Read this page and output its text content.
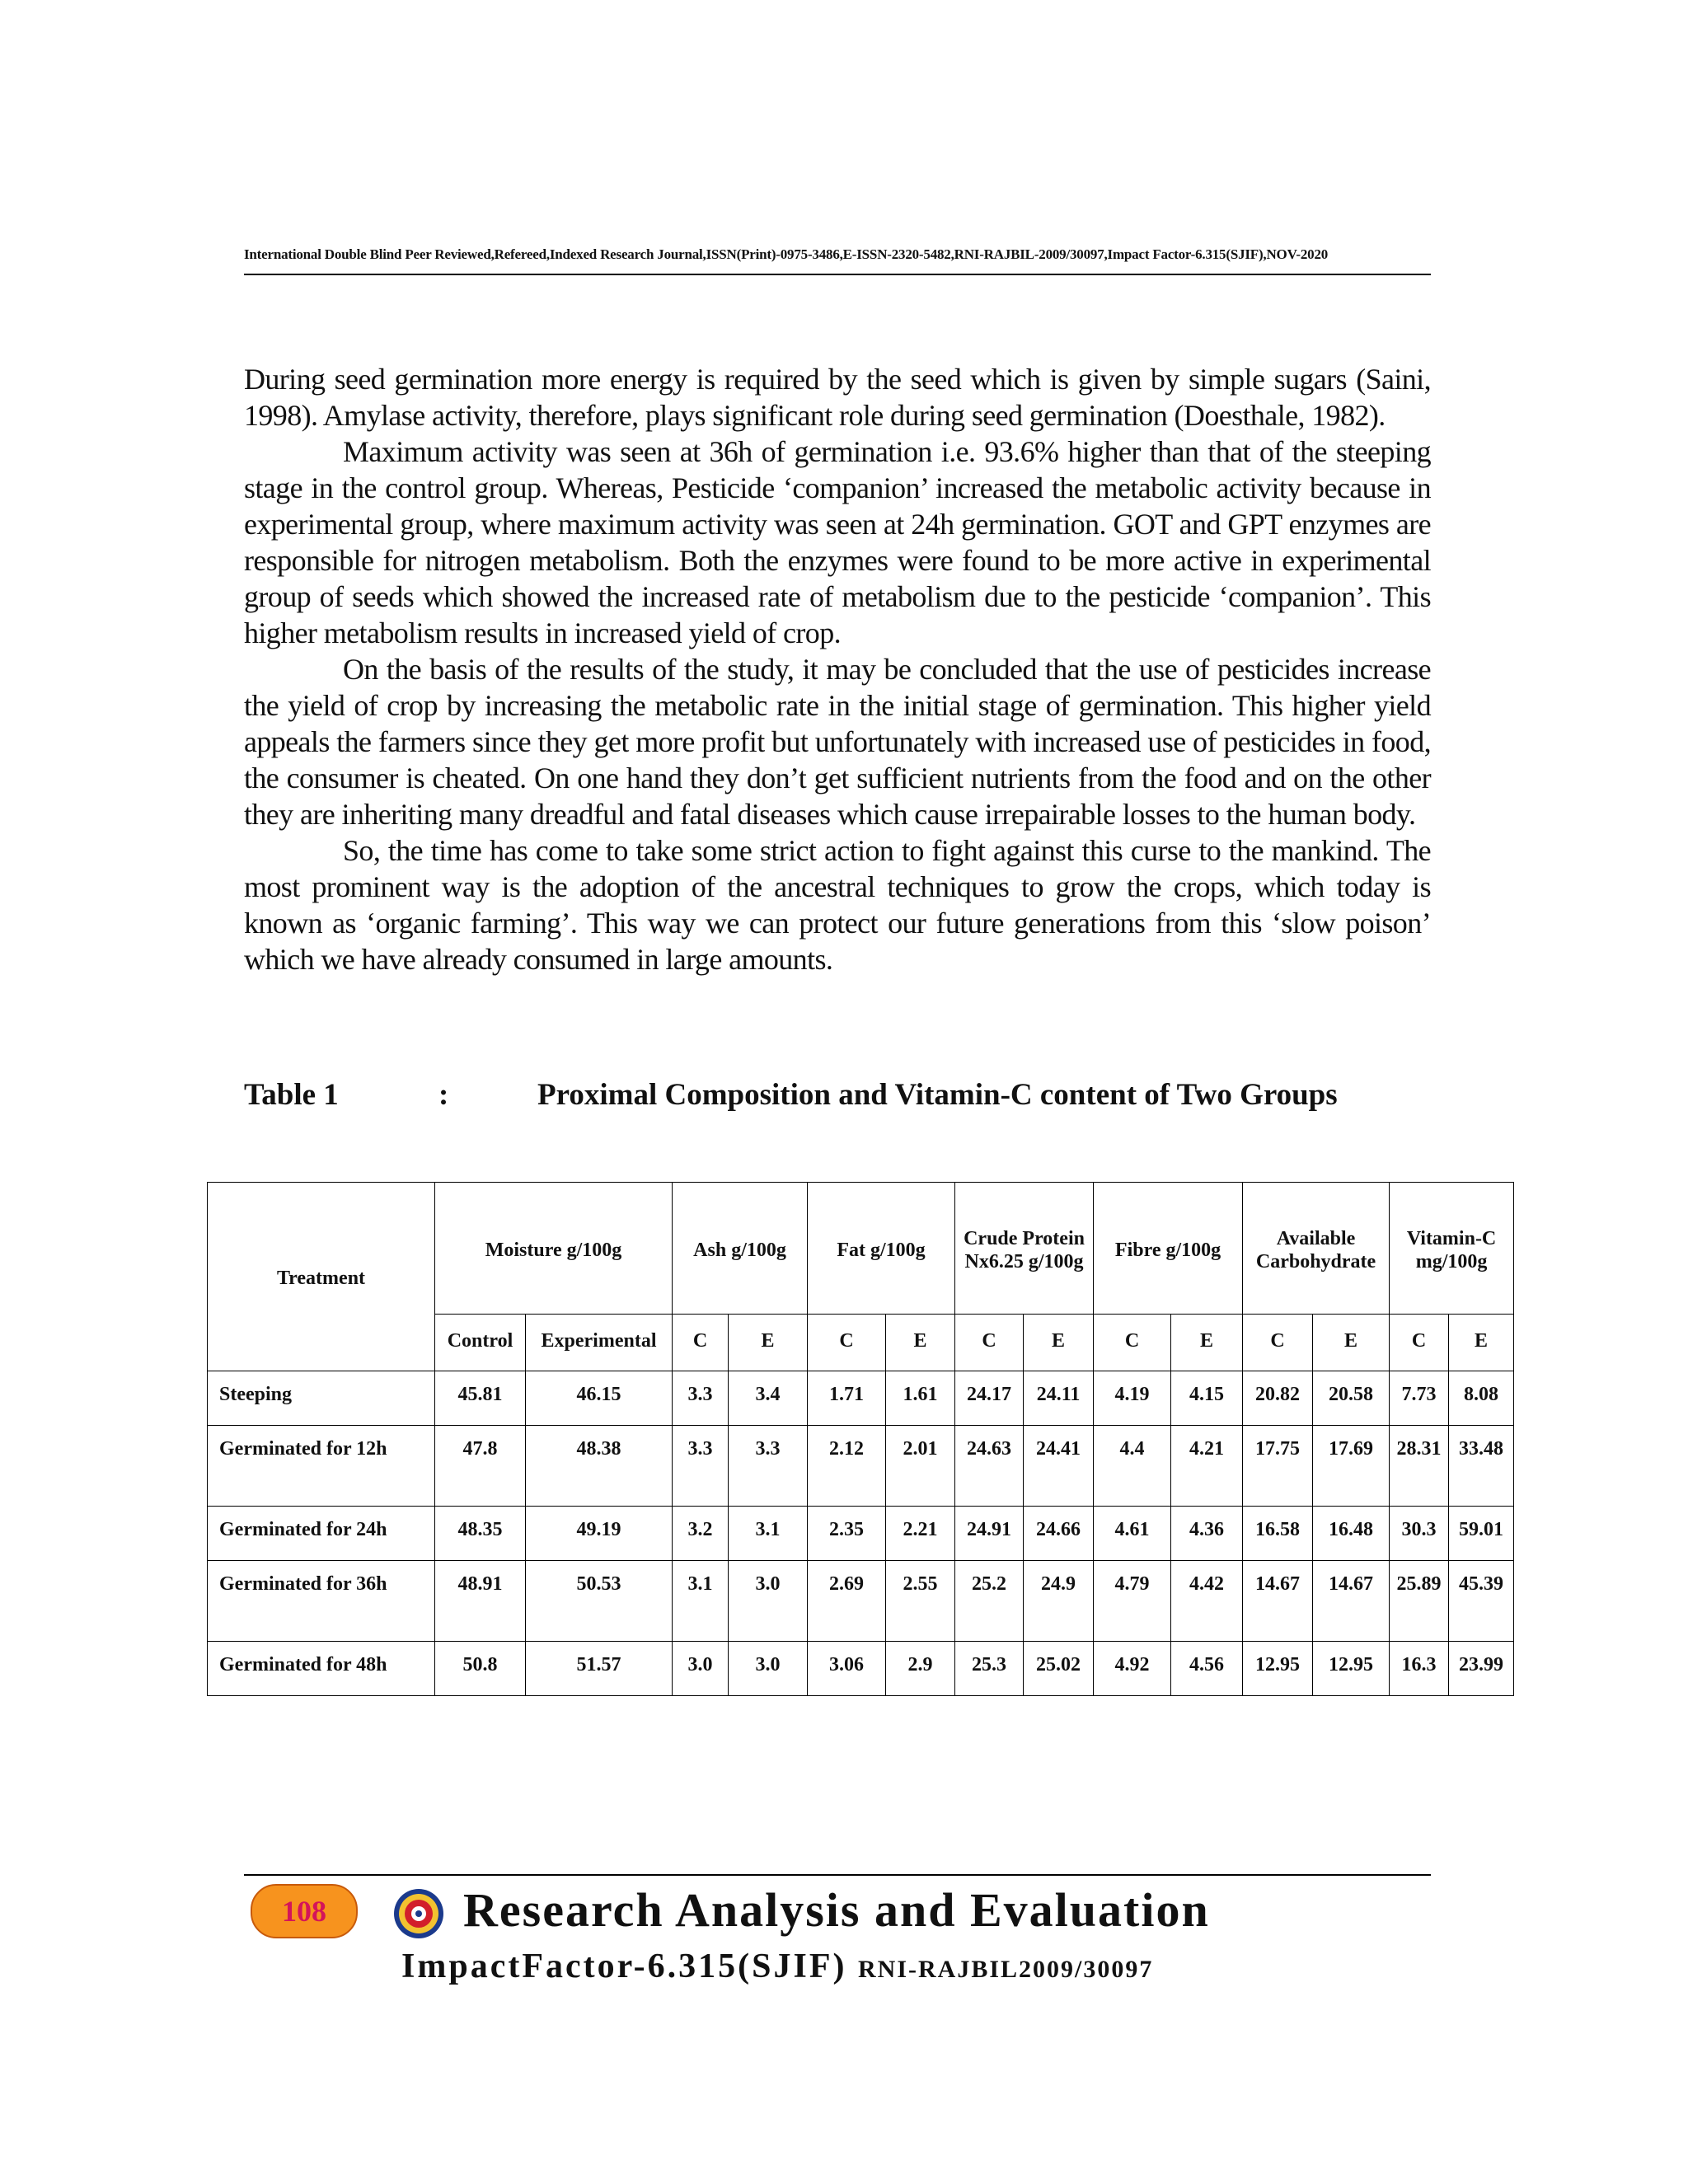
International Double Blind Peer Reviewed,Refereed,Indexed Research Journal,ISSN(Print)-0975-3486,E-ISSN-2320-5482,RNI-RAJBIL-2009/30097,Impact Factor-6.315(SJIF),NOV-2020

During seed germination more energy is required by the seed which is given by simple sugars (Saini, 1998). Amylase activity, therefore, plays significant role during seed germination (Doesthale, 1982).

Maximum activity was seen at 36h of germination i.e. 93.6% higher than that of the steeping stage in the control group. Whereas, Pesticide ‘companion’ increased the metabolic activity because in experimental group, where maximum activity was seen at 24h germination. GOT and GPT enzymes are responsible for nitrogen metabolism. Both the enzymes were found to be more active in experimental group of seeds which showed the increased rate of metabolism due to the pesticide ‘companion’. This higher metabolism results in increased yield of crop.

On the basis of the results of the study, it may be concluded that the use of pesticides increase the yield of crop by increasing the metabolic rate in the initial stage of germination. This higher yield appeals the farmers since they get more profit but unfortunately with increased use of pesticides in food, the consumer is cheated. On one hand they don’t get sufficient nutrients from the food and on the other they are inheriting many dreadful and fatal diseases which cause irrepairable losses to the human body.

So, the time has come to take some strict action to fight against this curse to the mankind. The most prominent way is the adoption of the ancestral techniques to grow the crops, which today is known as ‘organic farming’. This way we can protect our future generations from this ‘slow poison’ which we have already consumed in large amounts.

Table 1	:	Proximal Composition and Vitamin-C content of Two Groups
Treatment	Moisture g/100g		Ash g/100g		Fat g/100g		Crude Protein Nx6.25 g/100g		Fibre g/100g		Available Carbohydrate		Vitamin-C mg/100g	
	Control	Experimental	C	E	C	E	C	E	C	E	C	E	C	E
Steeping	45.81	46.15	3.3	3.4	1.71	1.61	24.17	24.11	4.19	4.15	20.82	20.58	7.73	8.08
Germinated for 12h	47.8	48.38	3.3	3.3	2.12	2.01	24.63	24.41	4.4	4.21	17.75	17.69	28.31	33.48
Germinated for 24h	48.35	49.19	3.2	3.1	2.35	2.21	24.91	24.66	4.61	4.36	16.58	16.48	30.3	59.01
Germinated for 36h	48.91	50.53	3.1	3.0	2.69	2.55	25.2	24.9	4.79	4.42	14.67	14.67	25.89	45.39
Germinated for 48h	50.8	51.57	3.0	3.0	3.06	2.9	25.3	25.02	4.92	4.56	12.95	12.95	16.3	23.99
108	Research Analysis and Evaluation
ImpactFactor-6.315(SJIF) RNI-RAJBIL2009/30097
